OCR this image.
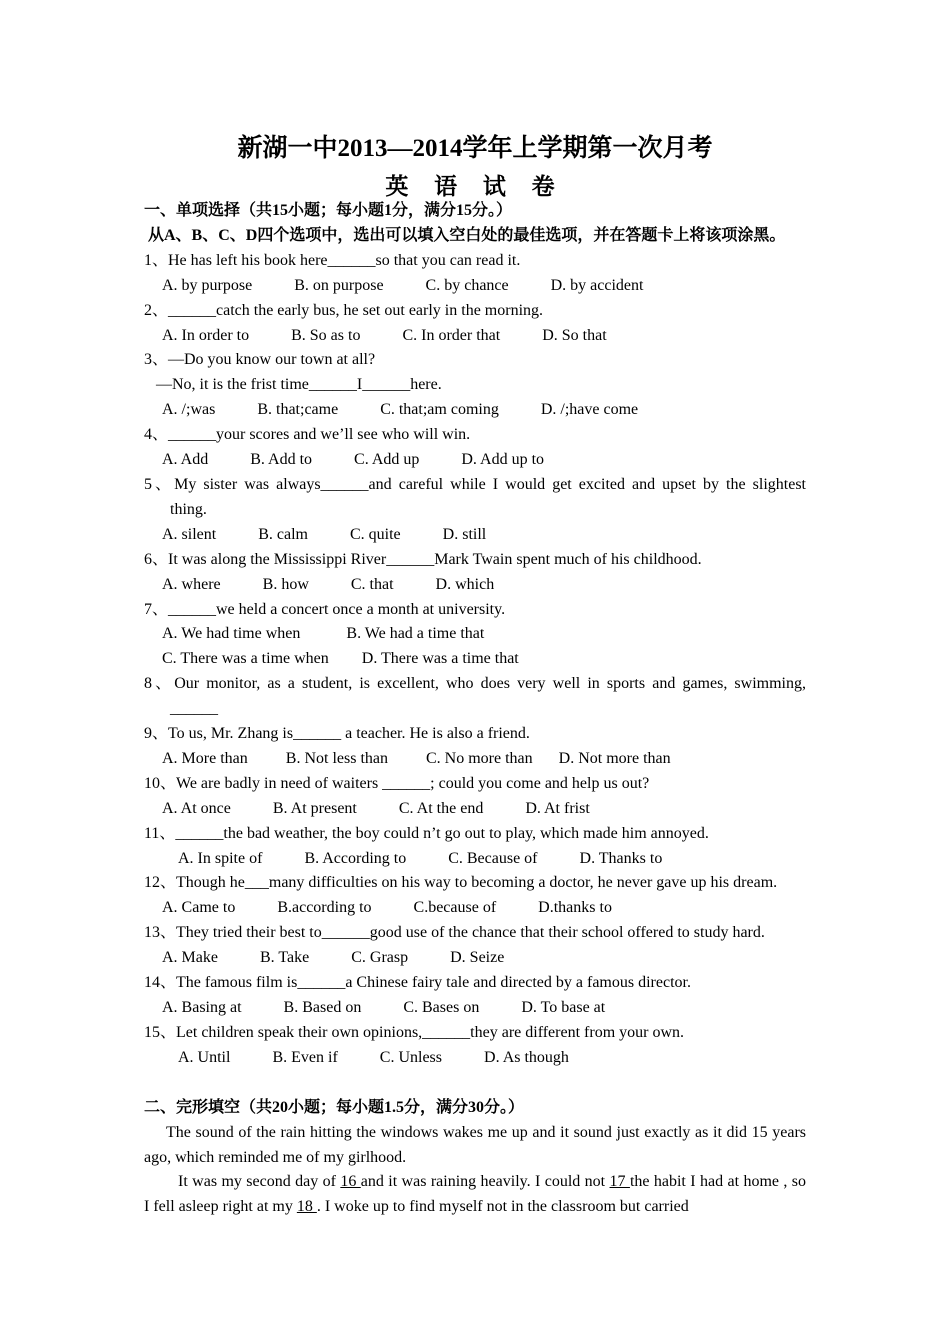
新湖一中2013—2014学年上学期第一次月考
英 语 试 卷
一、单项选择（共15小题；每小题1分，满分15分。）
从A、B、C、D四个选项中，选出可以填入空白处的最佳选项，并在答题卡上将该项涂黑。
1、He has left his book here______so that you can read it.
A. by purpose	B. on purpose	C. by chance	D. by accident
2、______catch the early bus, he set out early in the morning.
A. In order to	B. So as to	C. In order that	D. So that
3、—Do you know our town at all?
—No, it is the frist time______I______here.
A. /;was	B. that;came	C. that;am coming	D. /;have come
4、______your scores and we’ll see who will win.
A. Add	B. Add to	C. Add up	D. Add up to
5、My sister was always______and careful while I would get excited and upset by the slightest
thing.
A. silent	B. calm	C. quite	D. still
6、It was along the Mississippi River______Mark Twain spent much of his childhood.
A. where	B. how	C. that	D. which
7、______we held a concert once a month at university.
A. We had time when	B. We had a time that
C. There was a time when D. There was a time that
8、Our monitor, as a student, is excellent, who does very well in sports and games, swimming,
______
9、To us, Mr. Zhang is______ a teacher. He is also a friend.
A. More than B. Not less than C. No more than D. Not more than
10、We are badly in need of waiters ______; could you come and help us out?
A. At once	B. At present	C. At the end	D. At frist
11、______the bad weather, the boy could n’t go out to play, which made him annoyed.
A. In spite of	B. According to	C. Because of	D. Thanks to
12、Though he___many difficulties on his way to becoming a doctor, he never gave up his dream.
A. Came to	B.according to	C.because of	D.thanks to
13、They tried their best to______good use of the chance that their school offered to study hard.
A. Make	B. Take	C. Grasp	D. Seize
14、The famous film is______a Chinese fairy tale and directed by a famous director.
A. Basing at	B. Based on	C. Bases on	D. To base at
15、Let children speak their own opinions,______they are different from your own.
A. Until	B. Even if	C. Unless	D. As though
二、完形填空（共20小题；每小题1.5分，满分30分。）
The sound of the rain hitting the windows wakes me up and it sound just exactly as it did 15 years ago, which reminded me of my girlhood.
It was my second day of 16 and it was raining heavily. I could not 17 the habit I had at home , so I fell asleep right at my 18 . I woke up to find myself not in the classroom but carried
